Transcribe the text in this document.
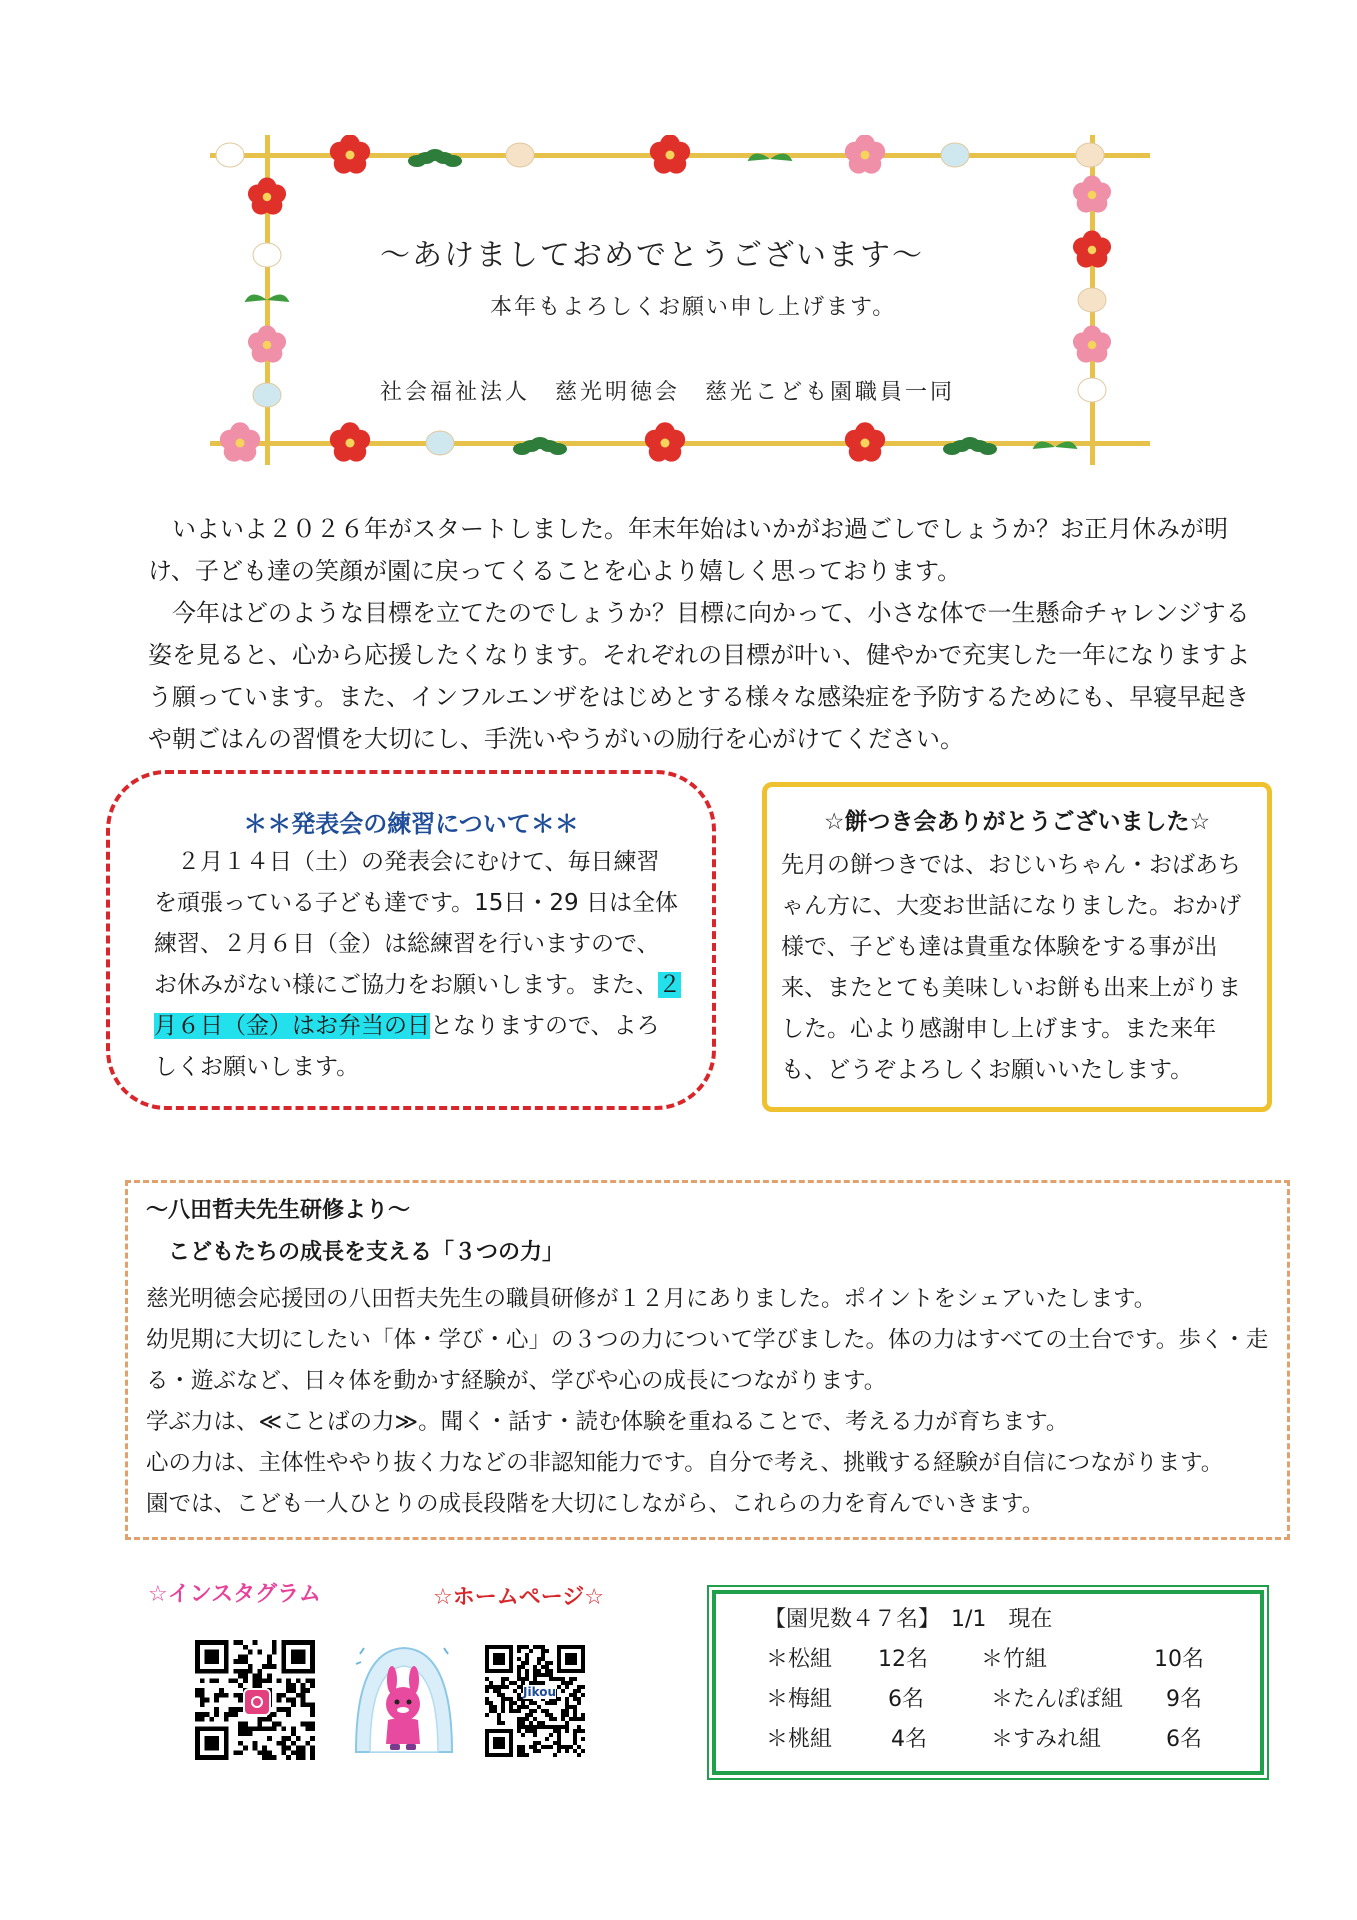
～あけましておめでとうございます～
本年もよろしくお願い申し上げます。
社会福祉法人　慈光明徳会　慈光こども園職員一同
　いよいよ２０２６年がスタートしました。年末年始はいかがお過ごしでしょうか？お正月休みが明け、子ども達の笑顔が園に戻ってくることを心より嬉しく思っております。
　今年はどのような目標を立てたのでしょうか？目標に向かって、小さな体で一生懸命チャレンジする姿を見ると、心から応援したくなります。それぞれの目標が叶い、健やかで充実した一年になりますよう願っています。また、インフルエンザをはじめとする様々な感染症を予防するためにも、早寝早起きや朝ごはんの習慣を大切にし、手洗いやうがいの励行を心がけてください。
＊＊発表会の練習について＊＊
　２月１４日（土）の発表会にむけて、毎日練習を頑張っている子ども達です。15日・29 日は全体練習、２月６日（金）は総練習を行いますので、お休みがない様にご協力をお願いします。また、２月６日（金）はお弁当の日となりますので、よろしくお願いします。
☆餅つき会ありがとうございました☆
先月の餅つきでは、おじいちゃん・おばあちゃん方に、大変お世話になりました。おかげ様で、子ども達は貴重な体験をする事が出来、またとても美味しいお餅も出来上がりました。心より感謝申し上げます。また来年も、どうぞよろしくお願いいたします。
～八田哲夫先生研修より～
こどもたちの成長を支える「３つの力」
慈光明徳会応援団の八田哲夫先生の職員研修が１２月にありました。ポイントをシェアいたします。
幼児期に大切にしたい「体・学び・心」の３つの力について学びました。体の力はすべての土台です。歩く・走る・遊ぶなど、日々体を動かす経験が、学びや心の成長につながります。
学ぶ力は、≪ことばの力≫。聞く・話す・読む体験を重ねることで、考える力が育ちます。
心の力は、主体性ややり抜く力などの非認知能力です。自分で考え、挑戦する経験が自信につながります。
園では、こども一人ひとりの成長段階を大切にしながら、これらの力を育んでいきます。
☆インスタグラム	☆ホームページ☆
Jikou
【園児数４７名】　1/1　現在
＊松組 12名 ＊竹組	10名
＊梅組	6名	＊たんぽぽ組 9名
＊桃組	4名	＊すみれ組	6名
